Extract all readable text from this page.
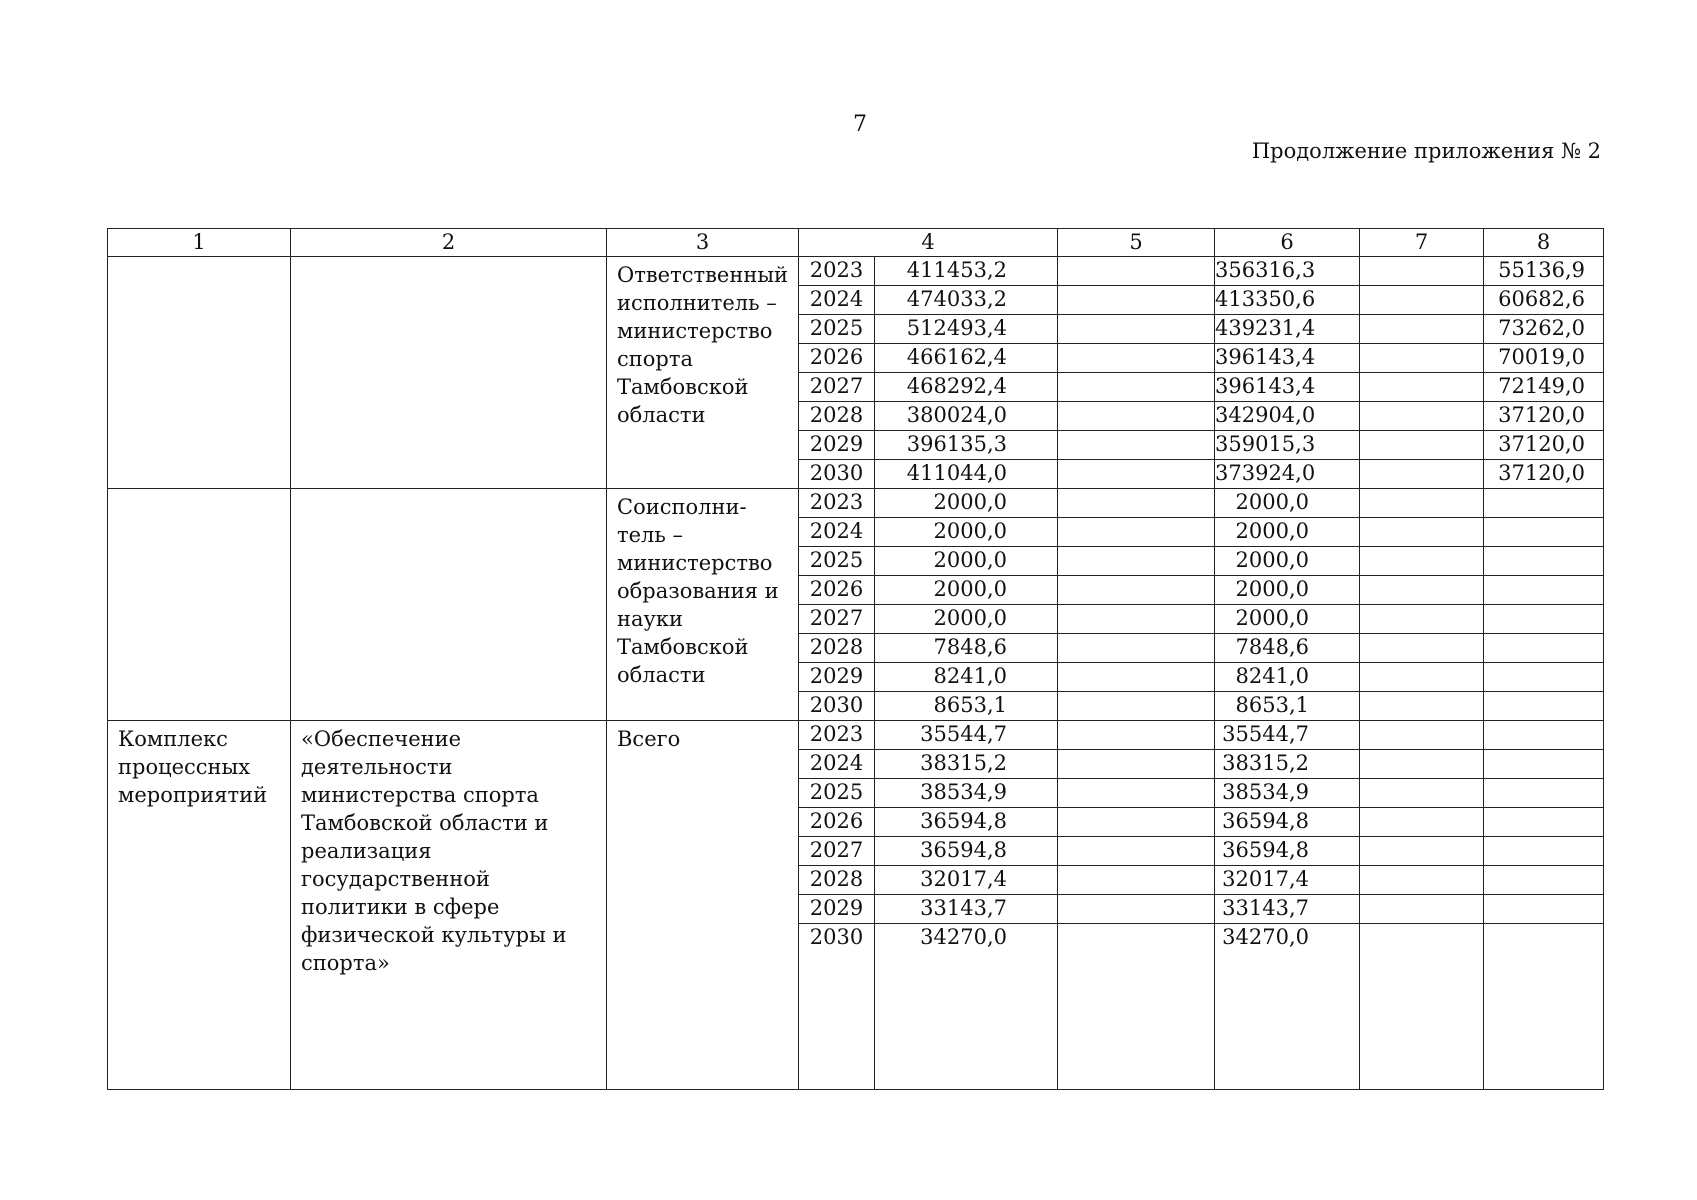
7
Продолжение приложения № 2
1	2	3	4		5	6	7	8
		Ответственный исполнитель – министерство спорта Тамбовской области	2023	411453,2		356316,3		55136,9
			2024	474033,2		413350,6		60682,6
			2025	512493,4		439231,4		73262,0
			2026	466162,4		396143,4		70019,0
			2027	468292,4		396143,4		72149,0
			2028	380024,0		342904,0		37120,0
			2029	396135,3		359015,3		37120,0
			2030	411044,0		373924,0		37120,0
		Соисполни-тель – министерство образования и науки Тамбовской области	2023	2000,0		2000,0		
			2024	2000,0		2000,0		
			2025	2000,0		2000,0		
			2026	2000,0		2000,0		
			2027	2000,0		2000,0		
			2028	7848,6		7848,6		
			2029	8241,0		8241,0		
			2030	8653,1		8653,1		
Комплекс процессных мероприятий	«Обеспечение деятельности министерства спорта Тамбовской области и реализация государственной политики в сфере физической культуры и спорта»	Всего	2023	35544,7		35544,7		
			2024	38315,2		38315,2		
			2025	38534,9		38534,9		
			2026	36594,8		36594,8		
			2027	36594,8		36594,8		
			2028	32017,4		32017,4		
			2029	33143,7		33143,7		
			2030	34270,0		34270,0		
